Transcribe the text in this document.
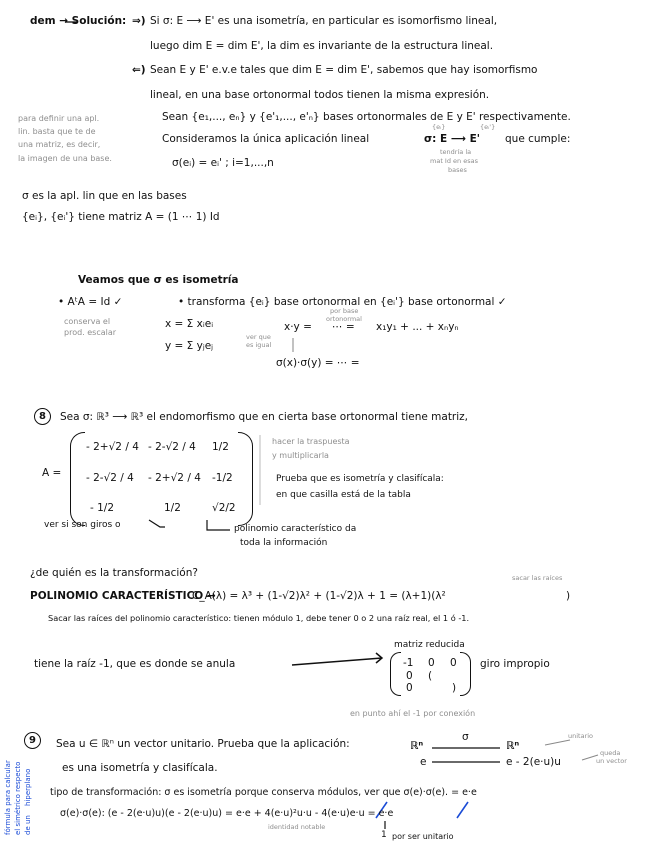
dem → Solución: ⇒) Si σ: E ⟶ E' es una isometría, en particular es isomorfismo lineal,
luego dim E = dim E', la dim es invariante de la estructura lineal.
⇐) Sean E y E' e.v.e tales que dim E = dim E', sabemos que hay isomorfismo
lineal, en una base ortonormal todos tienen la misma expresión.
para definir una apl.
lin. basta que te de
una matriz, es decir,
la imagen de una base.
Sean {e₁,..., eₙ} y {e'₁,..., e'ₙ} bases ortonormales de E y E' respectivamente.
Consideramos la única aplicación lineal
{eᵢ}	{eᵢ'}
σ: E ⟶ E' que cumple:
tendría la
mat Id en esas
bases
σ(eᵢ) = eᵢ' ; i=1,...,n
σ es la apl. lin que en las bases
{eᵢ}, {eᵢ'} tiene matriz A = (1 ⋯ 1) Id
Veamos que σ es isometría
• AᵗA = Id ✓	• transforma {eᵢ} base ortonormal en {eᵢ'} base ortonormal ✓
conserva el
prod. escalar
x = Σ xᵢeᵢ
y = Σ yⱼeⱼ
ver que
es igual
x·y =
por base
ortonormal
⋯ = x₁y₁ + ... + xₙyₙ
σ(x)·σ(y) = ⋯ =
8	Sea σ: ℝ³ ⟶ ℝ³ el endomorfismo que en cierta base ortonormal tiene matriz,
A =
- 2+√2 / 4 - 2-√2 / 4 1/2
- 2-√2 / 4 - 2+√2 / 4 -1/2
- 1/2	1/2	√2/2
hacer la traspuesta
y multiplicarla
Prueba que es isometría y clasifícala:
en que casilla está de la tabla
ver si son giros o	polinomio característico da
toda la información
¿de quién es la transformación?	sacar las raíces
POLINOMIO CARACTERÍSTICO →
C_A(λ) = λ³ + (1-√2)λ² + (1-√2)λ + 1 = (λ+1)(λ²	)
Sacar las raíces del polinomio característico: tienen módulo 1, debe tener 0 o 2 una raíz real, el 1 ó -1.
tiene la raíz -1, que es donde se anula
matriz reducida
-1 0 0
0 (
0	)
giro impropio
en punto ahí el -1 por conexión
9
fórmula para calcular el simétrico respecto de un
hiperplano
Sea u ∈ ℝⁿ un vector unitario. Prueba que la aplicación:	ℝⁿ
σ
ℝⁿ
unitario
e	e - 2(e·u)u
queda
un vector
es una isometría y clasifícala.
tipo de transformación: σ es isometría porque conserva módulos, ver que σ(e)·σ(e). = e·e
σ(e)·σ(e): (e - 2(e·u)u)(e - 2(e·u)u) = e·e + 4(e·u)²u·u - 4(e·u)e·u = e·e
identidad notable
1 por ser unitario
